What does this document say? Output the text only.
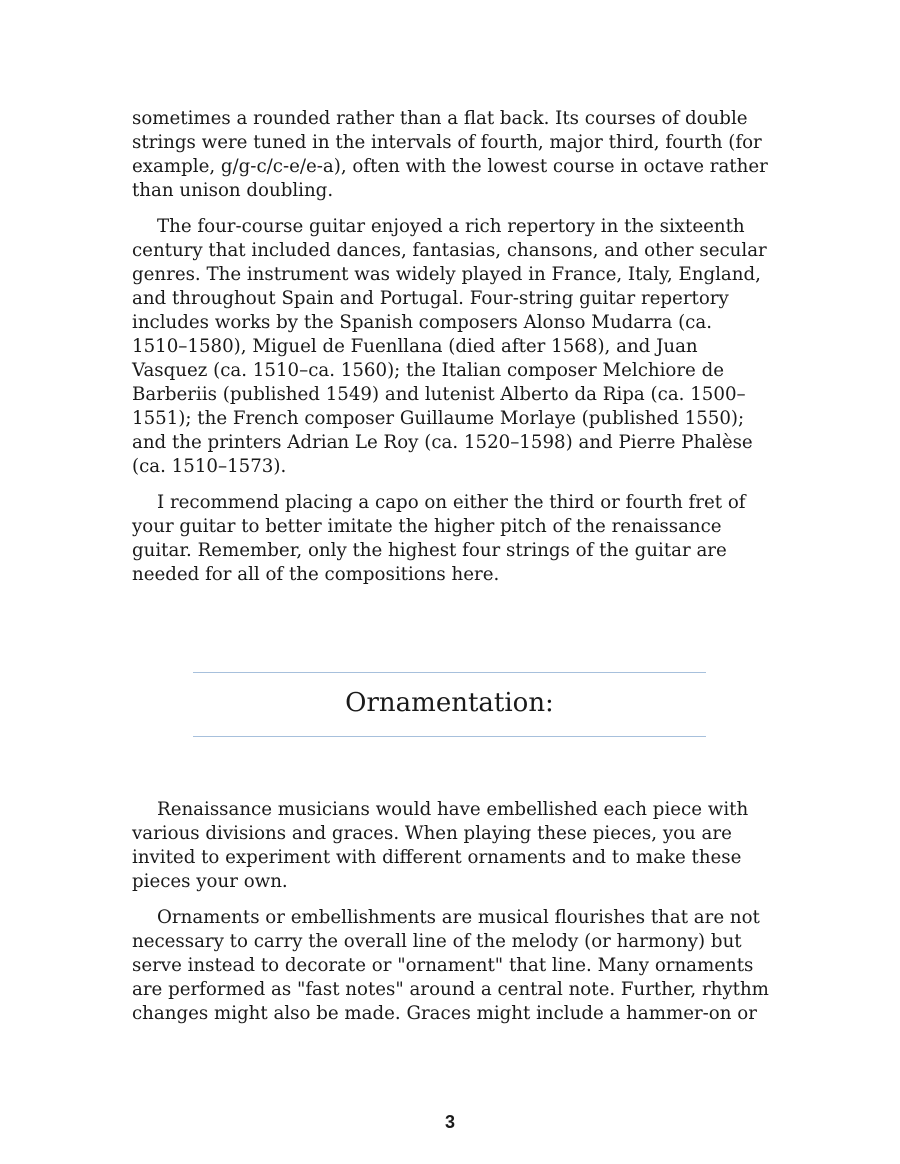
sometimes a rounded rather than a flat back. Its courses of double
strings were tuned in the intervals of fourth, major third, fourth (for
example, g/g-c/c-e/e-a), often with the lowest course in octave rather
than unison doubling.

The four-course guitar enjoyed a rich repertory in the sixteenth
century that included dances, fantasias, chansons, and other secular
genres. The instrument was widely played in France, Italy, England,
and throughout Spain and Portugal. Four-string guitar repertory
includes works by the Spanish composers Alonso Mudarra (ca.
1510–1580), Miguel de Fuenllana (died after 1568), and Juan
Vasquez (ca. 1510–ca. 1560); the Italian composer Melchiore de
Barberiis (published 1549) and lutenist Alberto da Ripa (ca. 1500–
1551); the French composer Guillaume Morlaye (published 1550);
and the printers Adrian Le Roy (ca. 1520–1598) and Pierre Phalèse
(ca. 1510–1573).

I recommend placing a capo on either the third or fourth fret of
your guitar to better imitate the higher pitch of the renaissance
guitar. Remember, only the highest four strings of the guitar are
needed for all of the compositions here.

Ornamentation:

Renaissance musicians would have embellished each piece with
various divisions and graces. When playing these pieces, you are
invited to experiment with different ornaments and to make these
pieces your own.

Ornaments or embellishments are musical flourishes that are not
necessary to carry the overall line of the melody (or harmony) but
serve instead to decorate or "ornament" that line. Many ornaments
are performed as "fast notes" around a central note. Further, rhythm
changes might also be made. Graces might include a hammer-on or

3
